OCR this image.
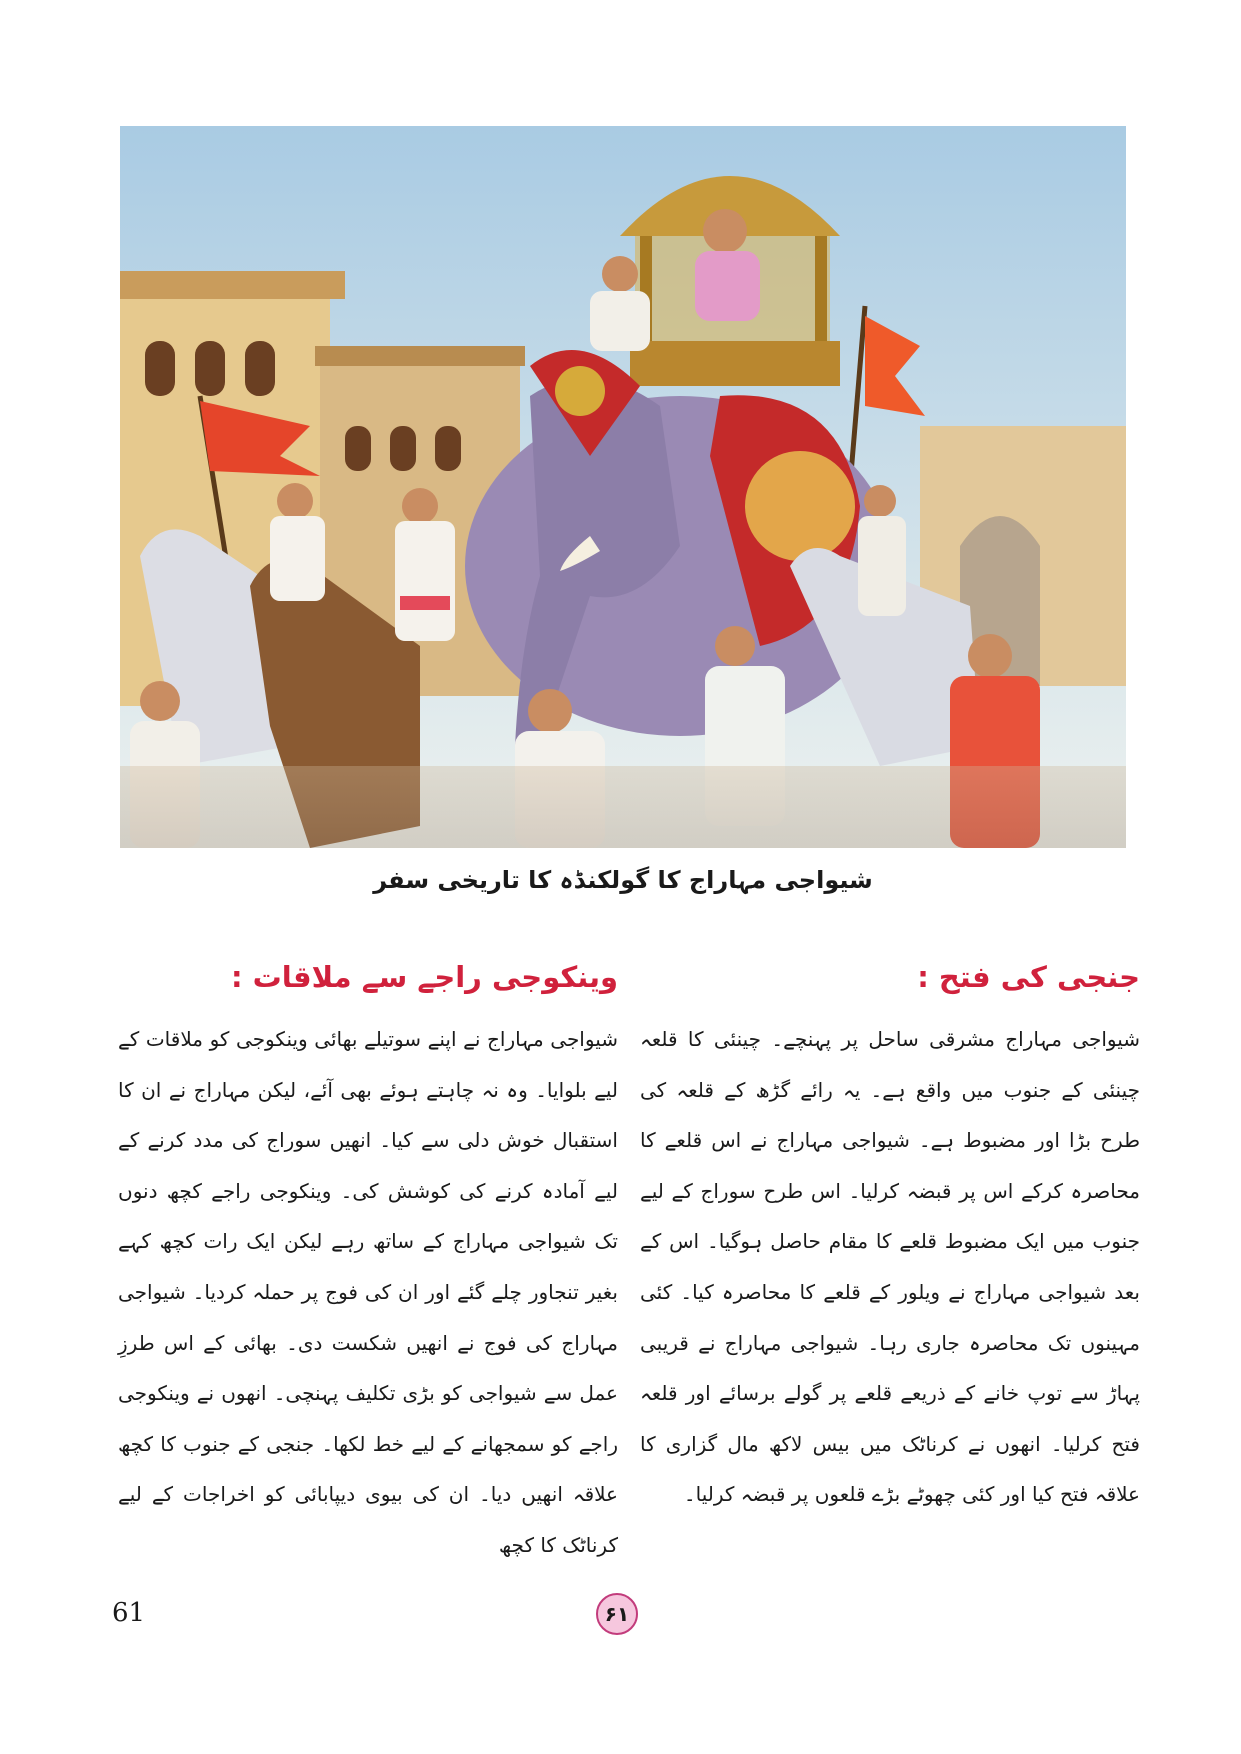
شیواجی مہاراج کا گولکنڈہ کا تاریخی سفر
جنجی کی فتح :

شیواجی مہاراج مشرقی ساحل پر پہنچے۔ چینئی کا قلعہ چینئی کے جنوب میں واقع ہے۔ یہ رائے گڑھ کے قلعہ کی طرح بڑا اور مضبوط ہے۔ شیواجی مہاراج نے اس قلعے کا محاصرہ کرکے اس پر قبضہ کرلیا۔ اس طرح سوراج کے لیے جنوب میں ایک مضبوط قلعے کا مقام حاصل ہوگیا۔ اس کے بعد شیواجی مہاراج نے ویلور کے قلعے کا محاصرہ کیا۔ کئی مہینوں تک محاصرہ جاری رہا۔ شیواجی مہاراج نے قریبی پہاڑ سے توپ خانے کے ذریعے قلعے پر گولے برسائے اور قلعہ فتح کرلیا۔ انھوں نے کرناٹک میں بیس لاکھ مال گزاری کا علاقہ فتح کیا اور کئی چھوٹے بڑے قلعوں پر قبضہ کرلیا۔

وینکوجی راجے سے ملاقات :

شیواجی مہاراج نے اپنے سوتیلے بھائی وینکوجی کو ملاقات کے لیے بلوایا۔ وہ نہ چاہتے ہوئے بھی آئے، لیکن مہاراج نے ان کا استقبال خوش دلی سے کیا۔ انھیں سوراج کی مدد کرنے کے لیے آمادہ کرنے کی کوشش کی۔ وینکوجی راجے کچھ دنوں تک شیواجی مہاراج کے ساتھ رہے لیکن ایک رات کچھ کہے بغیر تنجاور چلے گئے اور ان کی فوج پر حملہ کردیا۔ شیواجی مہاراج کی فوج نے انھیں شکست دی۔ بھائی کے اس طرزِ عمل سے شیواجی کو بڑی تکلیف پہنچی۔ انھوں نے وینکوجی راجے کو سمجھانے کے لیے خط لکھا۔ جنجی کے جنوب کا کچھ علاقہ انھیں دیا۔ ان کی بیوی دیپابائی کو اخراجات کے لیے کرناٹک کا کچھ

61	۶۱
